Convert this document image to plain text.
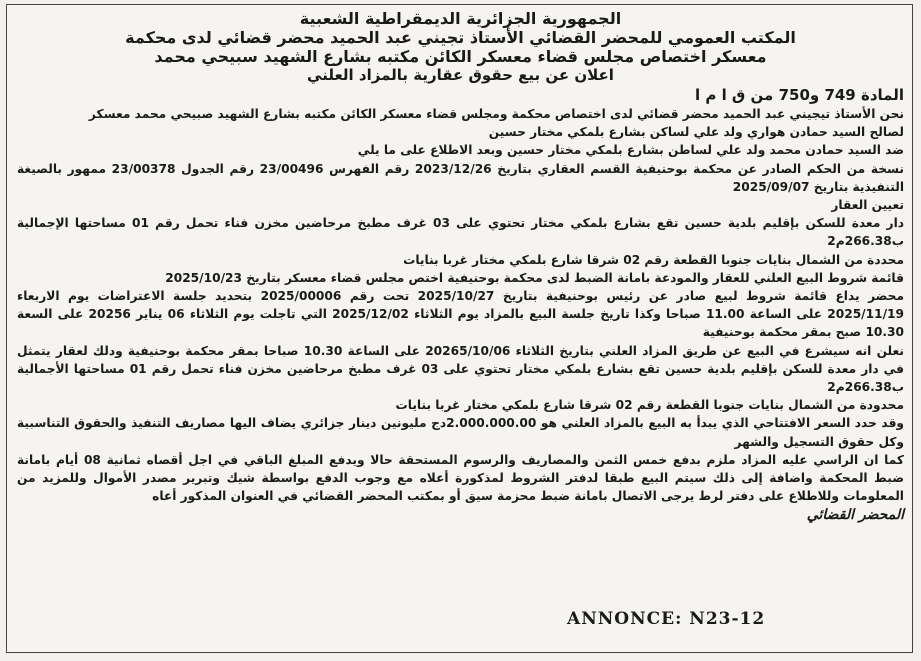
الجمهورية الجزائرية الديمقراطية الشعبية
المكتب العمومي للمحضر القضائي الأستاذ تجيني عبد الحميد محضر قضائي لدى محكمة
معسكر اختصاص مجلس قضاء معسكر الكائن مكتبه بشارع الشهيد سبيحي محمد
اعلان عن بيع حقوق عقارية بالمزاد العلني
المادة 749 و750 من ق ا م ا

نحن الأستاذ تيجيني عبد الحميد محضر قضائي لدى اختصاص محكمة ومجلس قضاء معسكر الكائن مكتبه بشارع الشهيد صبيحي محمد معسكر

لصالح السيد حمادن هواري ولد علي لساكن بشارع بلمكي مختار حسين

ضد السيد حمادن محمد ولد علي لساطن بشارع بلمكي مختار حسين وبعد الاطلاع على ما يلي

نسخة من الحكم الصادر عن محكمة بوحنيفية القسم العقاري بتاريخ 2023/12/26 رقم الفهرس 23/00496 رقم الجدول 23/00378 ممهور بالصيغة التنفيذية بتاريخ 2025/09/07

تعيين العقار

دار معدة للسكن بإقليم بلدية حسين تقع بشارع بلمكي مختار تحتوي على 03 غرف مطبخ مرحاضين مخزن فناء تحمل رقم 01 مساحتها الإجمالية ب266.38م2

محددة من الشمال بنايات جنوبا القطعة رقم 02 شرقا شارع بلمكي مختار غربا بنايات

قائمة شروط البيع العلني للعقار والمودعة بامانة الضبط لدى محكمة بوحنيفية اختص مجلس قضاء معسكر بتاريخ 2025/10/23

محضر يداع قائمة شروط لبيع صادر عن رئيس بوحنيفية بتاريخ 2025/10/27 تحت رقم 2025/00006 بتحديد جلسة الاعتراضات يوم الاربعاء 2025/11/19 على الساعة 11.00 صباحا وكذا تاريخ جلسة البيع بالمزاد يوم الثلاثاء 2025/12/02 التي تاجلت يوم الثلاثاء 06 يناير 20256 على السعة 10.30 صبح بمقر محكمة بوحنيفية

نعلن انه سيشرع في البيع عن طريق المزاد العلني بتاريخ الثلاثاء 20265/10/06 على الساعة 10.30 صباحا بمقر محكمة بوحنيفية ودلك لعقار يتمثل في دار معدة للسكن بإقليم بلدية حسين تقع بشارع بلمكي مختار تحتوي على 03 غرف مطبخ مرحاضين مخزن فناء تحمل رقم 01 مساحتها الأجمالية ب266.38م2

محدودة من الشمال بنايات جنوبا القطعة رقم 02 شرقا شارع بلمكي مختار غربا بنايات

وقد حدد السعر الافتتاحي الذي يبدأ به البيع بالمزاد العلني هو 2.000.000.00دج مليونين دينار جزائري يضاف اليها مصاريف التنفيذ والحقوق التناسبية وكل حقوق التسجيل والشهر

كما ان الراسي عليه المزاد ملزم بدفع خمس الثمن والمصاريف والرسوم المستحقة حالا ويدفع المبلغ الباقي في اجل أقصاه ثمانية 08 أيام بامانة ضبط المحكمة واضافة إلى ذلك سيتم البيع طبقا لدفتر الشروط لمذكورة أعلاه مع وجوب الدفع بواسطة شيك وتبرير مصدر الأموال وللمزيد من المعلومات وللاطلاع على دفتر لرط يرجى الاتصال بامانة ضبط محزمة سيق أو بمكتب المحضر القضائي في العنوان المذكور أعاه

المحضر القضائي
ANNONCE: N23-12
